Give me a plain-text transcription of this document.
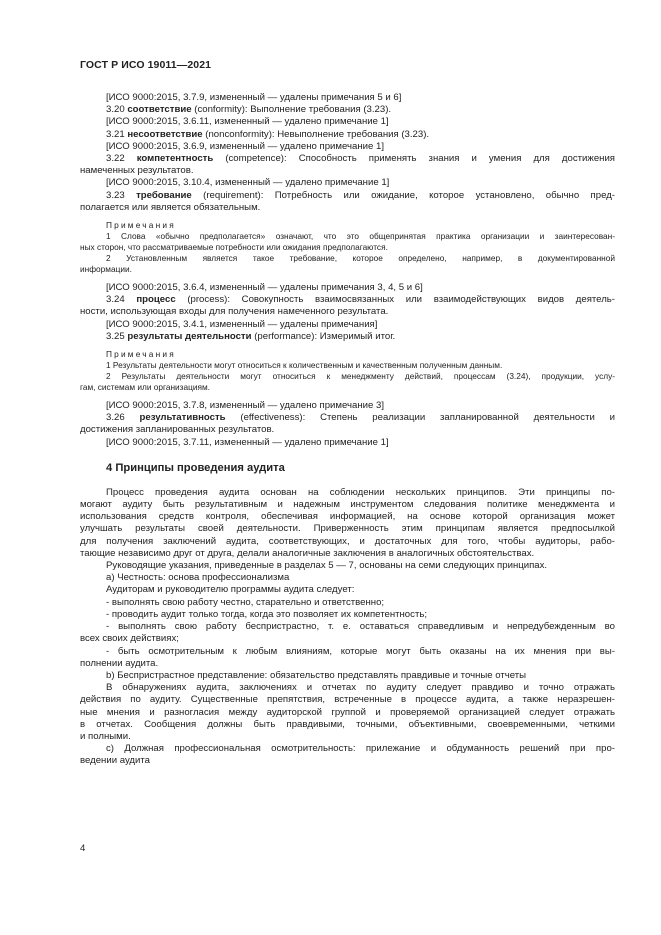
ГОСТ Р ИСО 19011—2021
[ИСО 9000:2015, 3.7.9, измененный — удалены примечания 5 и 6]
3.20 соответствие (conformity): Выполнение требования (3.23).
[ИСО 9000:2015, 3.6.11, измененный — удалено примечание 1]
3.21 несоответствие (nonconformity): Невыполнение требования (3.23).
[ИСО 9000:2015, 3.6.9, измененный — удалено примечание 1]
3.22 компетентность (competence): Способность применять знания и умения для достижения
намеченных результатов.
[ИСО 9000:2015, 3.10.4, измененный — удалено примечание 1]
3.23 требование (requirement): Потребность или ожидание, которое установлено, обычно пред-
полагается или является обязательным.
Примечания
1 Слова «обычно предполагается» означают, что это общепринятая практика организации и заинтересован-
ных сторон, что рассматриваемые потребности или ожидания предполагаются.
2 Установленным является такое требование, которое определено, например, в документированной
информации.
[ИСО 9000:2015, 3.6.4, измененный — удалены примечания 3, 4, 5 и 6]
3.24 процесс (process): Совокупность взаимосвязанных или взаимодействующих видов деятель-
ности, использующая входы для получения намеченного результата.
[ИСО 9000:2015, 3.4.1, измененный — удалены примечания]
3.25 результаты деятельности (performance): Измеримый итог.
Примечания
1 Результаты деятельности могут относиться к количественным и качественным полученным данным.
2 Результаты деятельности могут относиться к менеджменту действий, процессам (3.24), продукции, услу-
гам, системам или организациям.
[ИСО 9000:2015, 3.7.8, измененный — удалено примечание 3]
3.26 результативность (effectiveness): Степень реализации запланированной деятельности и
достижения запланированных результатов.
[ИСО 9000:2015, 3.7.11, измененный — удалено примечание 1]
4 Принципы проведения аудита
Процесс проведения аудита основан на соблюдении нескольких принципов. Эти принципы по-
могают аудиту быть результативным и надежным инструментом следования политике менеджмента и
использования средств контроля, обеспечивая информацией, на основе которой организация может
улучшать результаты своей деятельности. Приверженность этим принципам является предпосылкой
для получения заключений аудита, соответствующих, и достаточных для того, чтобы аудиторы, рабо-
тающие независимо друг от друга, делали аналогичные заключения в аналогичных обстоятельствах.
Руководящие указания, приведенные в разделах 5 — 7, основаны на семи следующих принципах.
а) Честность: основа профессионализма
Аудиторам и руководителю программы аудита следует:
- выполнять свою работу честно, старательно и ответственно;
- проводить аудит только тогда, когда это позволяет их компетентность;
- выполнять свою работу беспристрастно, т. е. оставаться справедливым и непредубежденным во
всех своих действиях;
- быть осмотрительным к любым влияниям, которые могут быть оказаны на их мнения при вы-
полнении аудита.
b) Беспристрастное представление: обязательство представлять правдивые и точные отчеты
В обнаружениях аудита, заключениях и отчетах по аудиту следует правдиво и точно отражать
действия по аудиту. Существенные препятствия, встреченные в процессе аудита, а также неразрешен-
ные мнения и разногласия между аудиторской группой и проверяемой организацией следует отражать
в отчетах. Сообщения должны быть правдивыми, точными, объективными, своевременными, четкими
и полными.
с) Должная профессиональная осмотрительность: прилежание и обдуманность решений при про-
ведении аудита
4
